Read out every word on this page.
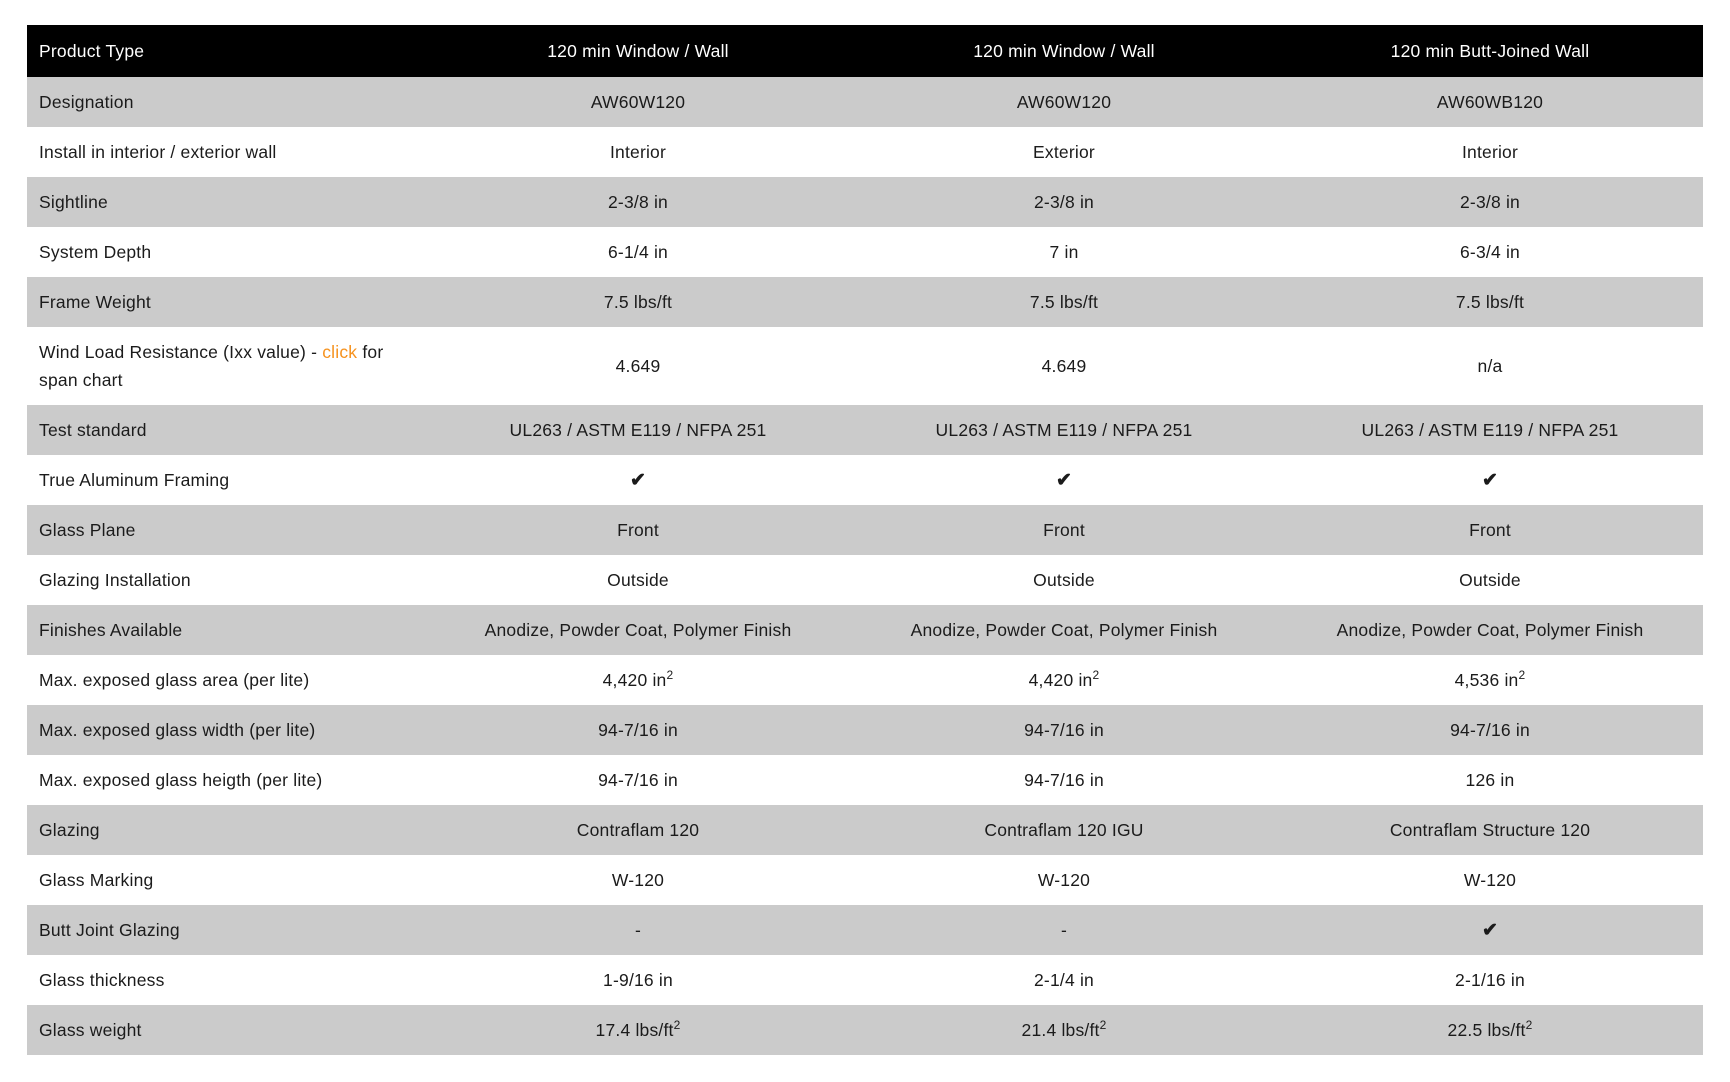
Product Type	120 min Window / Wall	120 min Window / Wall	120 min Butt-Joined Wall
Designation	AW60W120	AW60W120	AW60WB120
Install in interior / exterior wall	Interior	Exterior	Interior
Sightline	2-3/8 in	2-3/8 in	2-3/8 in
System Depth	6-1/4 in	7 in	6-3/4 in
Frame Weight	7.5 lbs/ft	7.5 lbs/ft	7.5 lbs/ft
Wind Load Resistance (Ixx value) - click for span chart	4.649	4.649	n/a
Test standard	UL263 / ASTM E119 / NFPA 251	UL263 / ASTM E119 / NFPA 251	UL263 / ASTM E119 / NFPA 251
True Aluminum Framing	✔	✔	✔
Glass Plane	Front	Front	Front
Glazing Installation	Outside	Outside	Outside
Finishes Available	Anodize, Powder Coat, Polymer Finish	Anodize, Powder Coat, Polymer Finish	Anodize, Powder Coat, Polymer Finish
Max. exposed glass area (per lite)	4,420 $in^2$	4,420 $in^2$	4,536 $in^2$
Max. exposed glass width (per lite)	94-7/16 in	94-7/16 in	94-7/16 in
Max. exposed glass heigth (per lite)	94-7/16 in	94-7/16 in	126 in
Glazing	Contraflam 120	Contraflam 120 IGU	Contraflam Structure 120
Glass Marking	W-120	W-120	W-120
Butt Joint Glazing	-	-	✔
Glass thickness	1-9/16 in	2-1/4 in	2-1/16 in
Glass weight	17.4 lbs/$ft^2$	21.4 lbs/$ft^2$	22.5 lbs/$ft^2$
